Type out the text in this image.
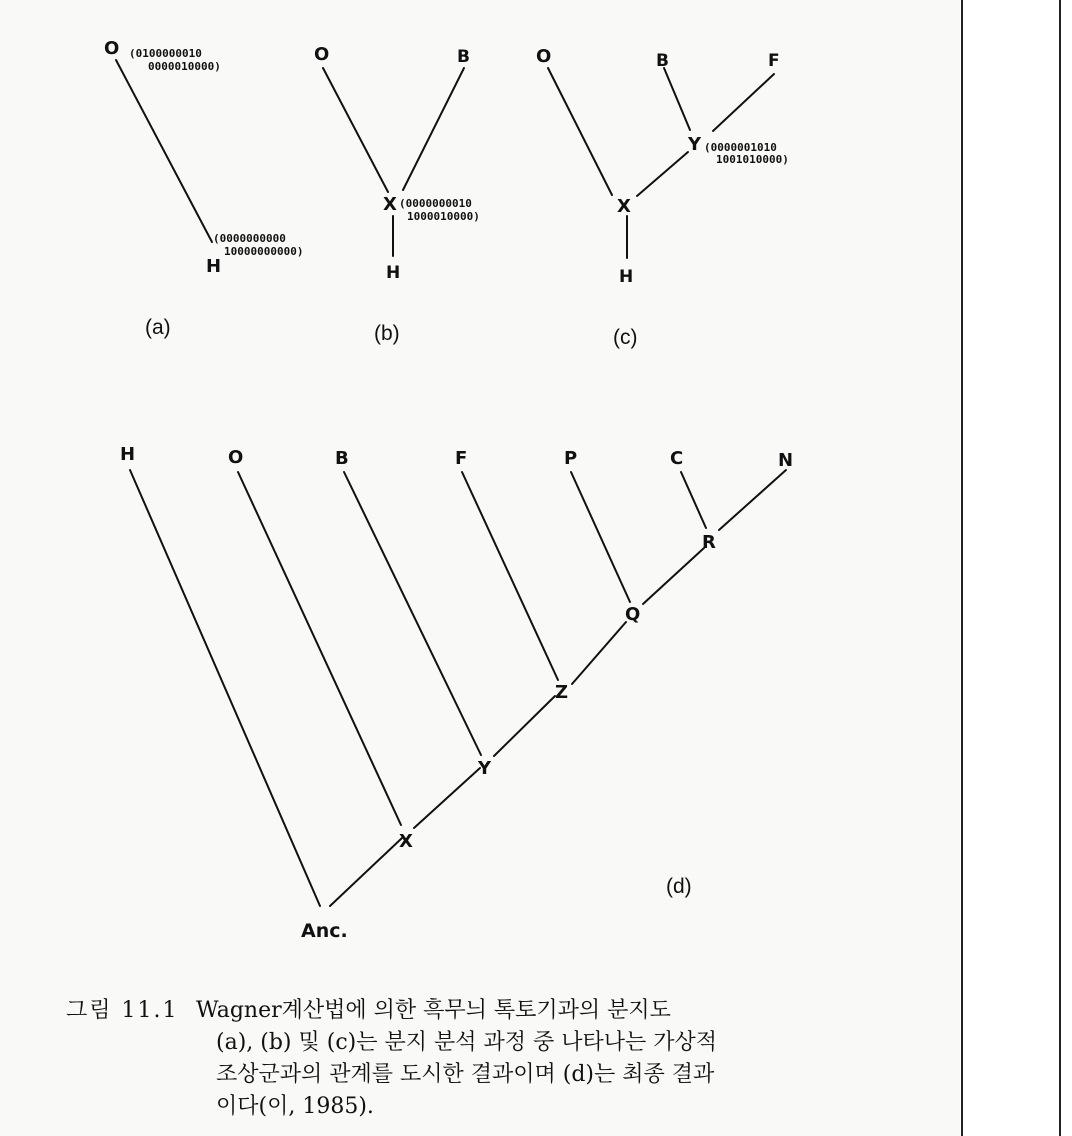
O (0100000010
0000010000)
(0000000000
10000000000)
H
(a)
O	B
X (0000000010
1000010000)
H
(b)
O	B	F
Y (0000001010
1001010000)
X
H
(c)
H	O	B	F	P	C	N
X
Y
Z
Q
R
Anc.
(d)
그림 11.1 Wagner계산법에 의한 흑무늬 톡토기과의 분지도
(a), (b) 및 (c)는 분지 분석 과정 중 나타나는 가상적
조상군과의 관계를 도시한 결과이며 (d)는 최종 결과
이다(이, 1985).
